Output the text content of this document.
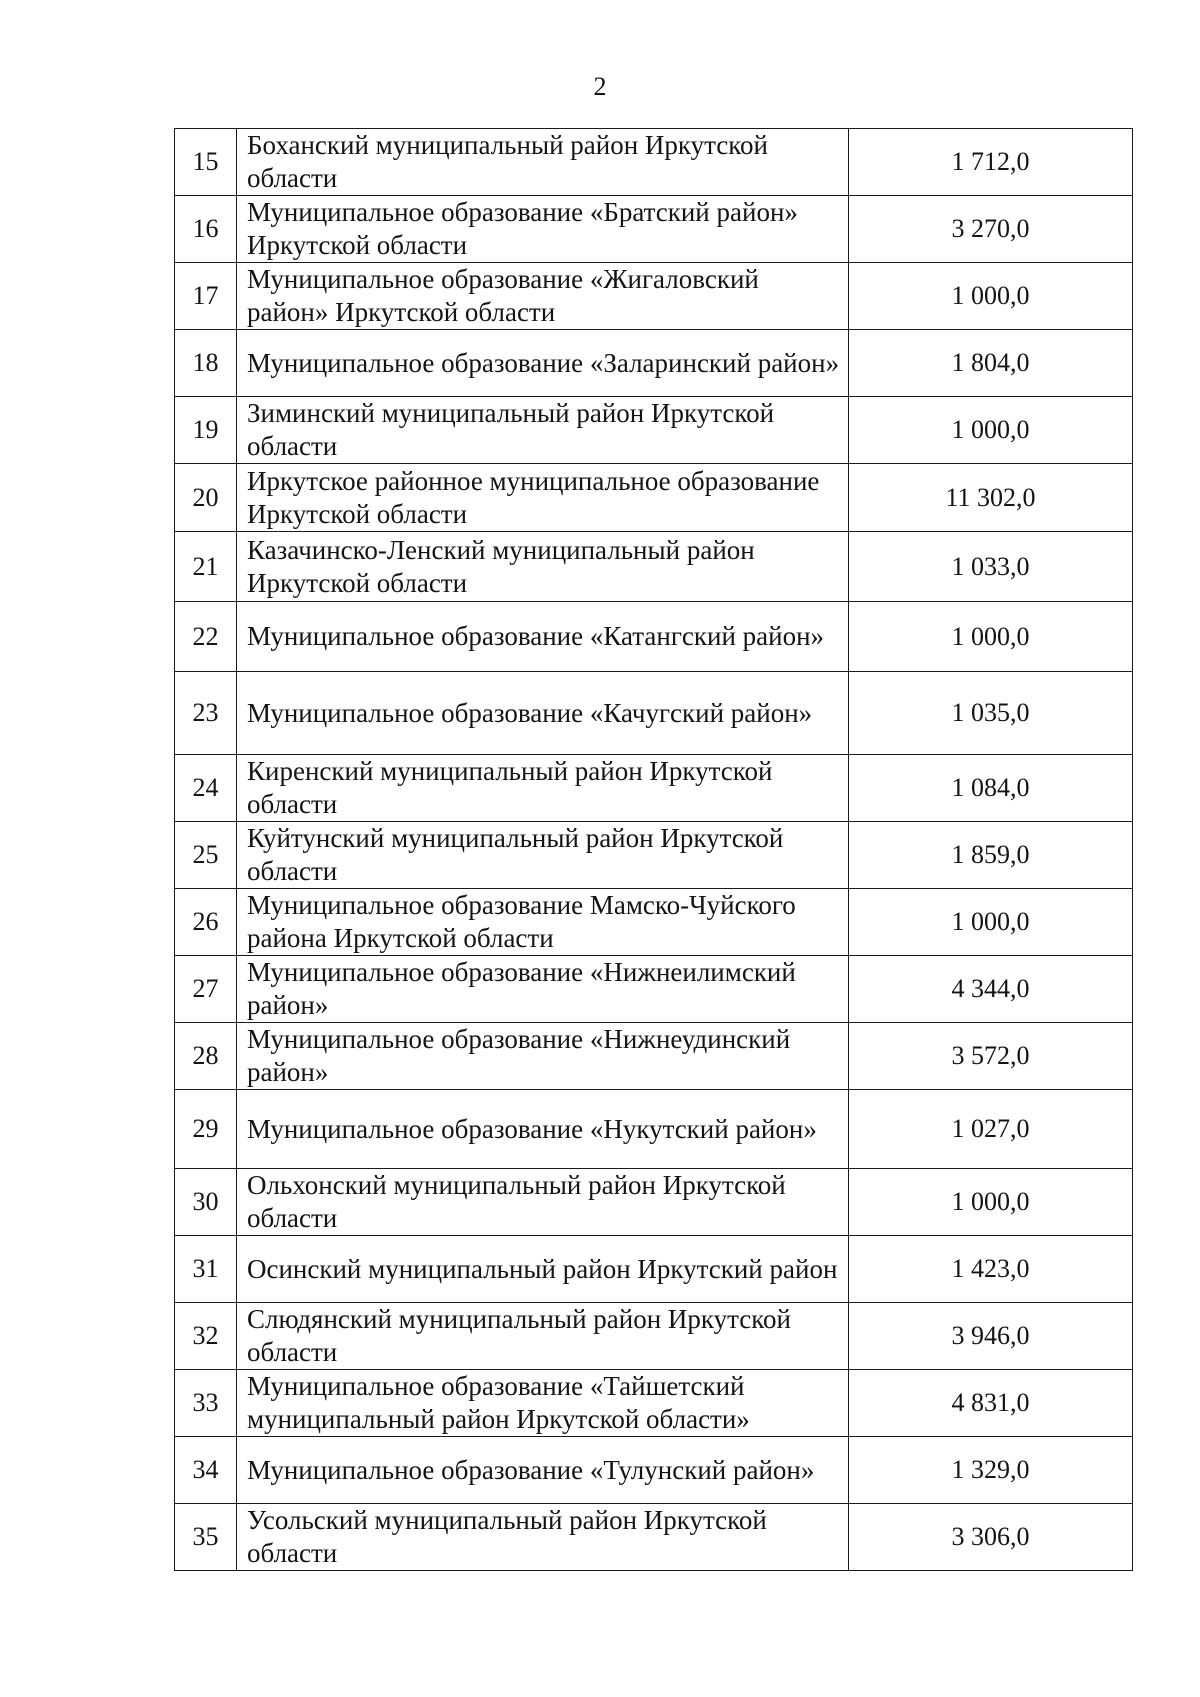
2
15	Боханский муниципальный район Иркутской области	1 712,0
16	Муниципальное образование «Братский район» Иркутской области	3 270,0
17	Муниципальное образование «Жигаловский район» Иркутской области	1 000,0
18	Муниципальное образование «Заларинский район»	1 804,0
19	Зиминский муниципальный район Иркутской области	1 000,0
20	Иркутское районное муниципальное образование Иркутской области	11 302,0
21	Казачинско-Ленский муниципальный район Иркутской области	1 033,0
22	Муниципальное образование «Катангский район»	1 000,0
23	Муниципальное образование «Качугский район»	1 035,0
24	Киренский муниципальный район Иркутской области	1 084,0
25	Куйтунский муниципальный район Иркутской области	1 859,0
26	Муниципальное образование Мамско-Чуйского района Иркутской области	1 000,0
27	Муниципальное образование «Нижнеилимский район»	4 344,0
28	Муниципальное образование «Нижнеудинский район»	3 572,0
29	Муниципальное образование «Нукутский район»	1 027,0
30	Ольхонский муниципальный район Иркутской области	1 000,0
31	Осинский муниципальный район Иркутский район	1 423,0
32	Слюдянский муниципальный район Иркутской области	3 946,0
33	Муниципальное образование «Тайшетский муниципальный район Иркутской области»	4 831,0
34	Муниципальное образование «Тулунский район»	1 329,0
35	Усольский муниципальный район Иркутской области	3 306,0
